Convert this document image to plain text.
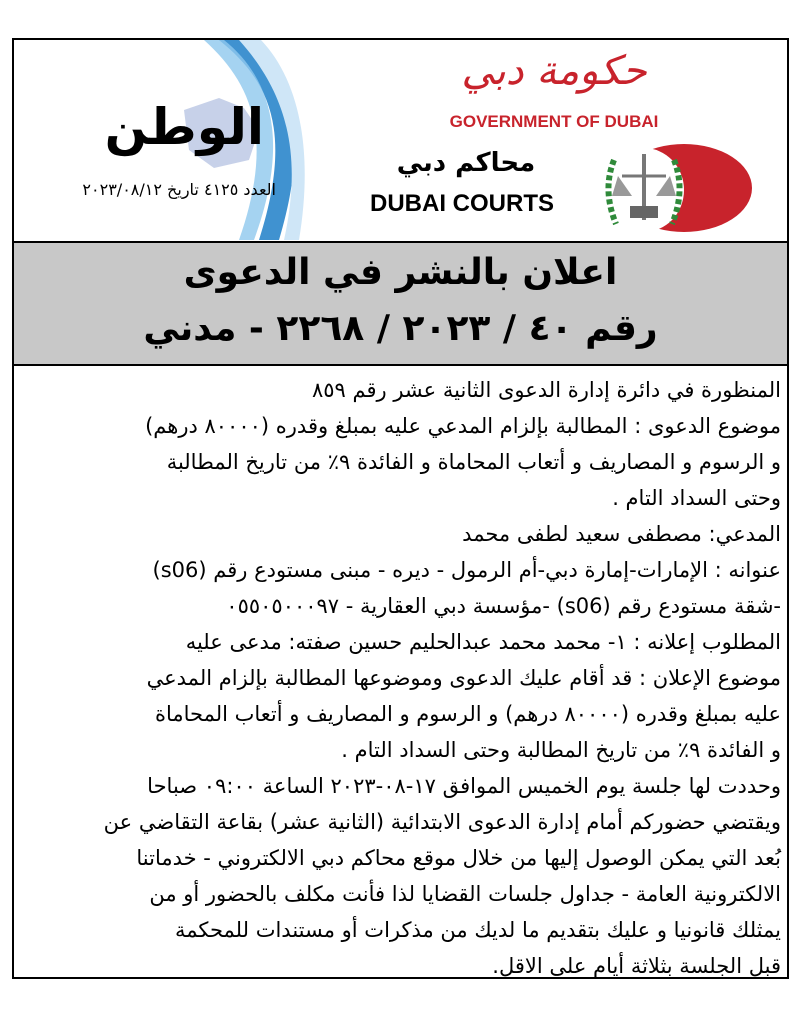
الوطن
العدد ٤١٢٥ تاريخ ٢٠٢٣/٠٨/١٢
حكومة دبي
GOVERNMENT OF DUBAI
محاكم دبي
DUBAI COURTS
اعلان بالنشر في الدعوى
رقم ٤٠ / ٢٠٢٣ / ٢٢٦٨ - مدني

المنظورة في دائرة إدارة الدعوى الثانية عشر رقم ٨٥٩

موضوع الدعوى : المطالبة بإلزام المدعي عليه بمبلغ وقدره (٨٠٠٠٠ درهم)

و الرسوم و المصاريف و أتعاب المحاماة و الفائدة ٩٪ من تاريخ المطالبة

وحتى السداد التام .

المدعي: مصطفى سعيد لطفى محمد

عنوانه : الإمارات-إمارة دبي-أم الرمول - ديره - مبنى مستودع رقم (s06)

-شقة مستودع رقم (s06) -مؤسسة دبي العقارية - ٠٥٥٠٥٠٠٠٩٧

المطلوب إعلانه : ١- محمد محمد عبدالحليم حسين صفته: مدعى عليه

موضوع الإعلان : قد أقام عليك الدعوى وموضوعها المطالبة بإلزام المدعي

عليه بمبلغ وقدره (٨٠٠٠٠ درهم) و الرسوم و المصاريف و أتعاب المحاماة

و الفائدة ٩٪ من تاريخ المطالبة وحتى السداد التام .

وحددت لها جلسة يوم الخميس الموافق ١٧-٠٨-٢٠٢٣ الساعة ٠٩:٠٠ صباحا

ويقتضي حضوركم أمام إدارة الدعوى الابتدائية (الثانية عشر) بقاعة التقاضي عن

بُعد التي يمكن الوصول إليها من خلال موقع محاكم دبي الالكتروني - خدماتنا

الالكترونية العامة - جداول جلسات القضايا لذا فأنت مكلف بالحضور أو من

يمثلك قانونيا و عليك بتقديم ما لديك من مذكرات أو مستندات للمحكمة

قبل الجلسة بثلاثة أيام على الاقل.
